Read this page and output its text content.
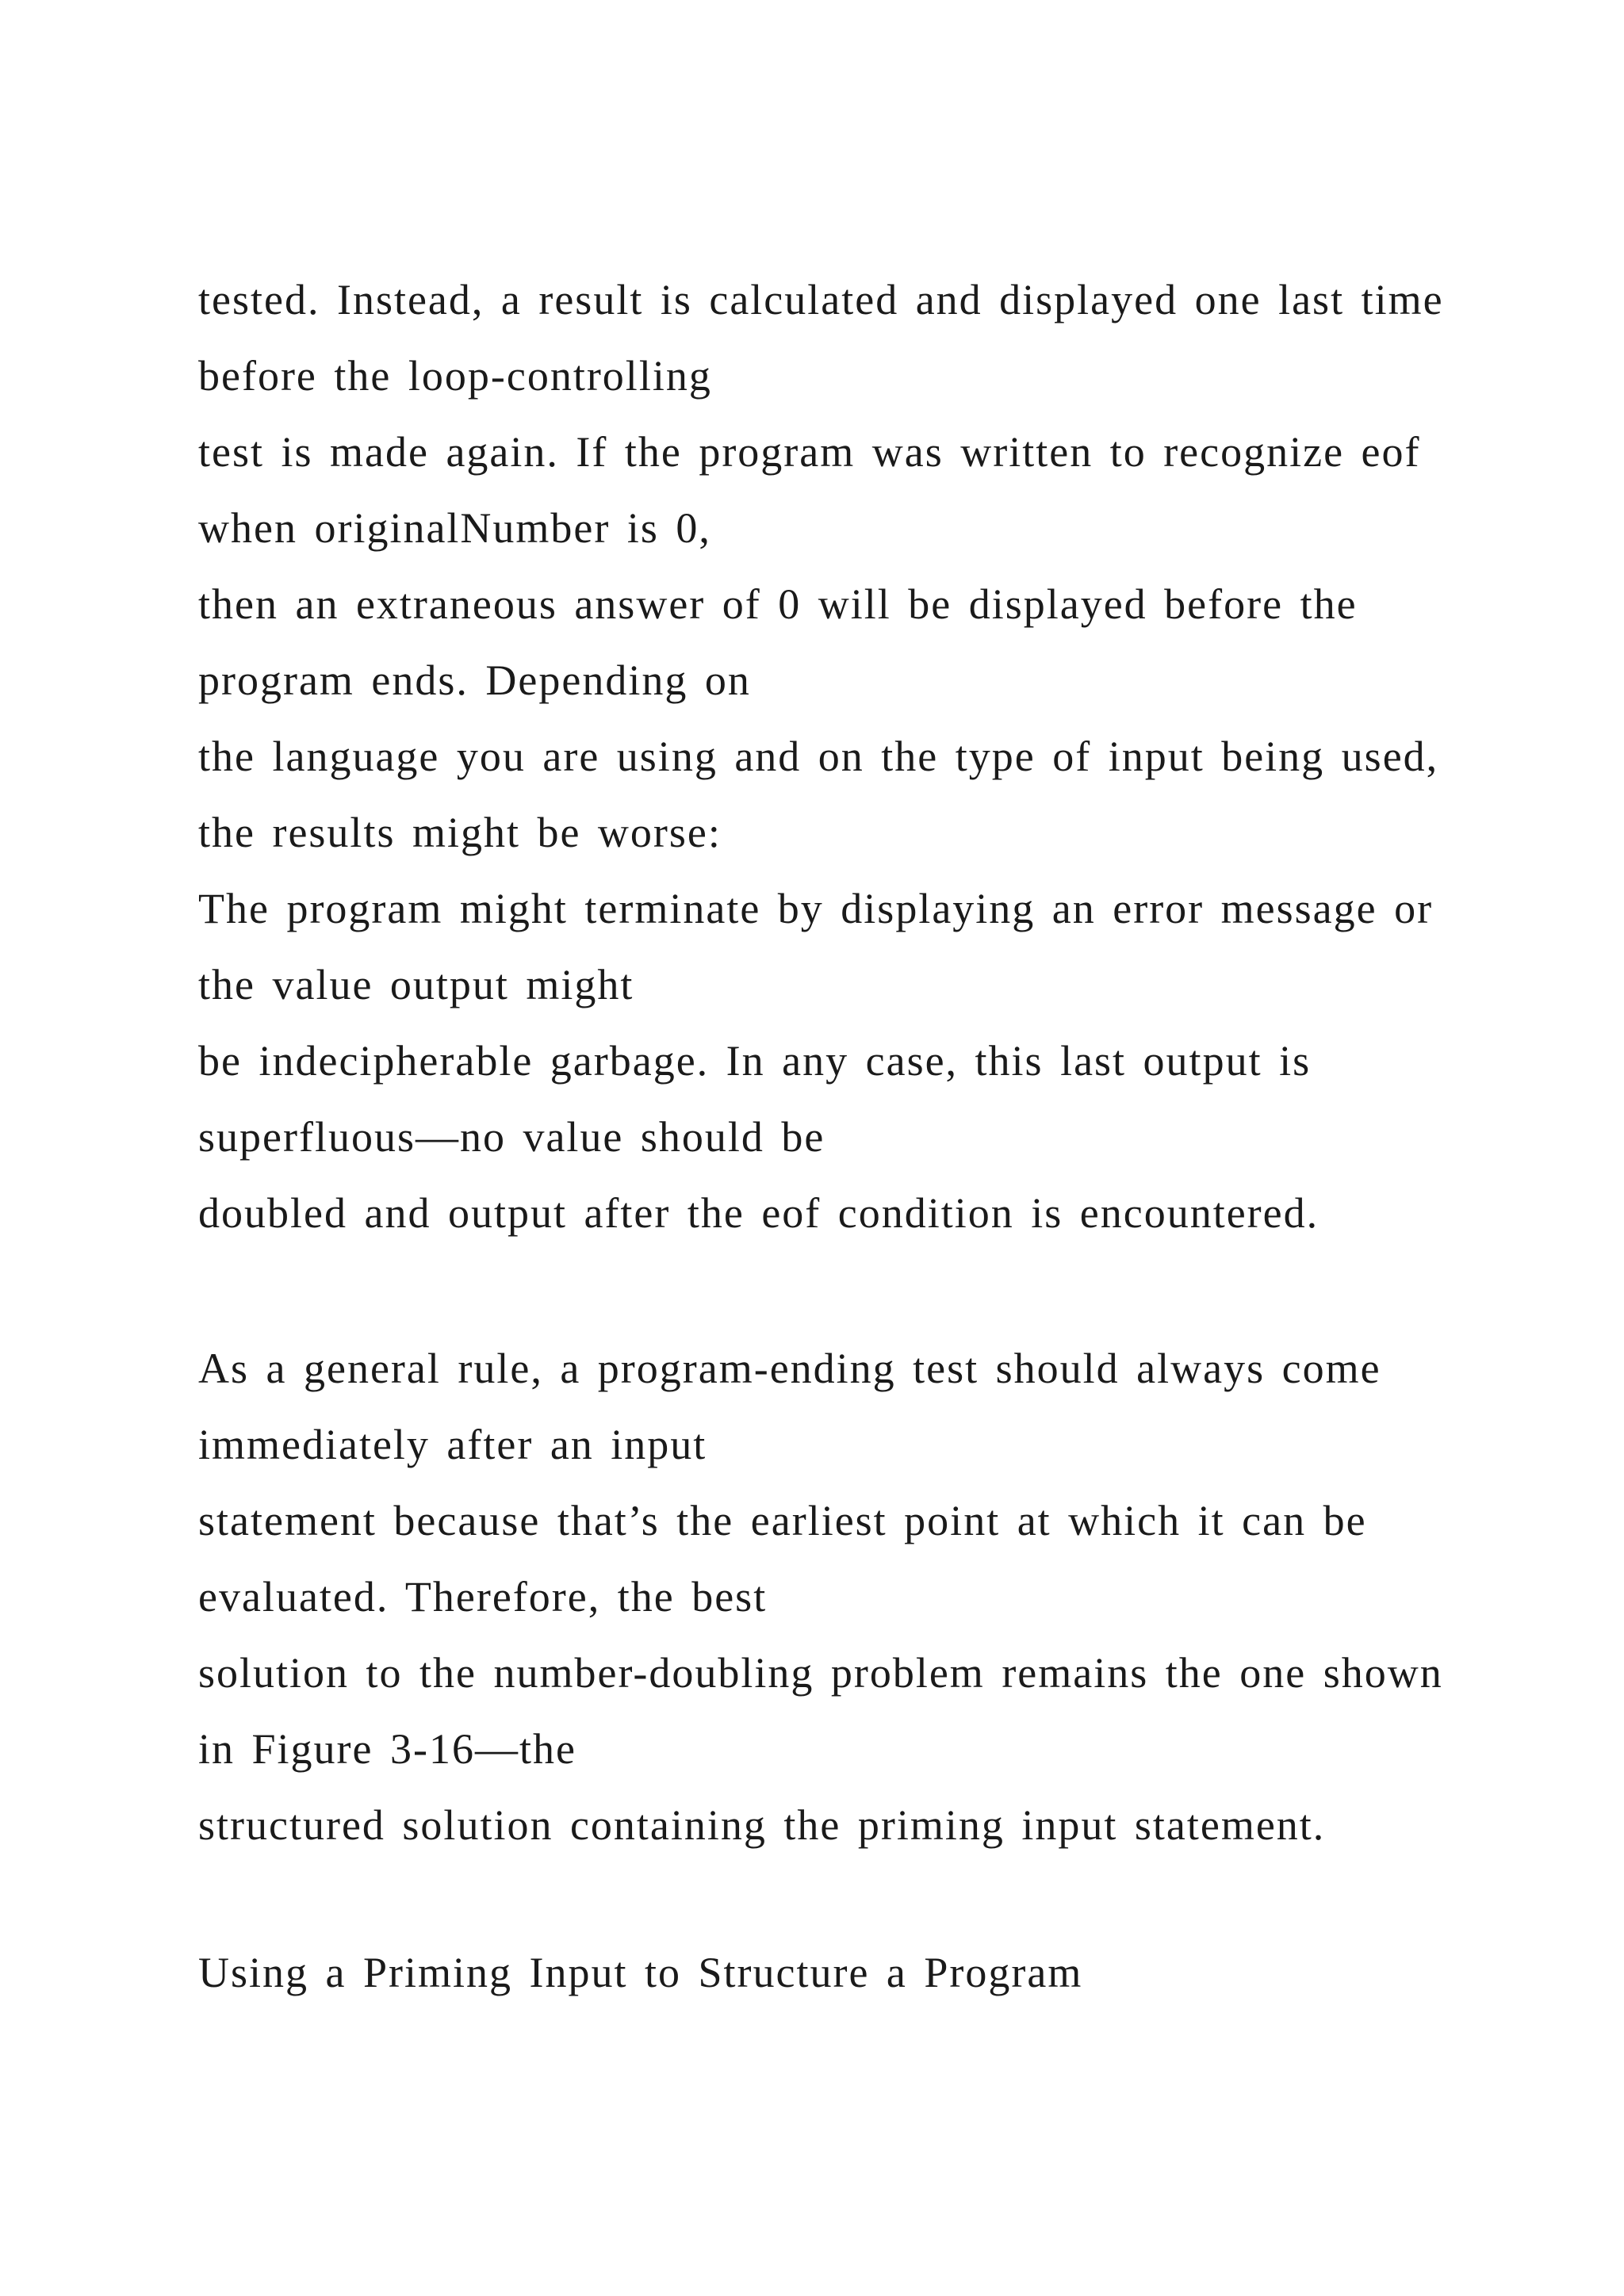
tested. Instead, a result is calculated and displayed one last time

before the loop-controlling

test is made again. If the program was written to recognize eof

when originalNumber is 0,

then an extraneous answer of 0 will be displayed before the

program ends. Depending on

the language you are using and on the type of input being used,

the results might be worse:

The program might terminate by displaying an error message or

the value output might

be indecipherable garbage. In any case, this last output is

superfluous—no value should be

doubled and output after the eof condition is encountered.

As a general rule, a program-ending test should always come

immediately after an input

statement because that’s the earliest point at which it can be

evaluated. Therefore, the best

solution to the number-doubling problem remains the one shown

in Figure 3-16—the

structured solution containing the priming input statement.

Using a Priming Input to Structure a Program
